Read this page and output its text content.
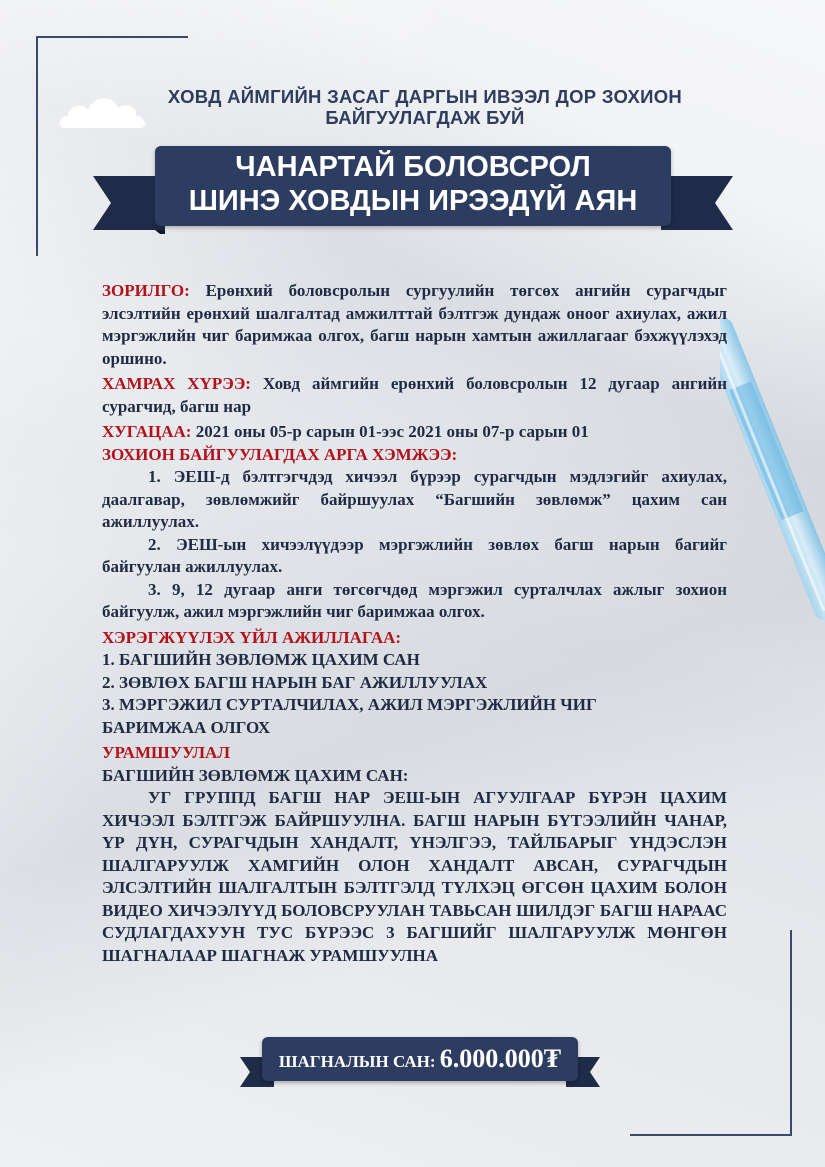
ХОВД АЙМГИЙН ЗАСАГ ДАРГЫН ИВЭЭЛ ДОР ЗОХИОН
БАЙГУУЛАГДАЖ БУЙ
ЧАНАРТАЙ БОЛОВСРОЛ
ШИНЭ ХОВДЫН ИРЭЭДҮЙ АЯН

ЗОРИЛГО: Ерөнхий боловсролын сургуулийн төгсөх ангийн сурагчдыг элсэлтийн ерөнхий шалгалтад амжилттай бэлтгэж дундаж оноог ахиулах, ажил мэргэжлийн чиг баримжаа олгох, багш нарын хамтын ажиллагааг бэхжүүлэхэд оршино.

ХАМРАХ ХҮРЭЭ: Ховд аймгийн ерөнхий боловсролын 12 дугаар ангийн сурагчид, багш нар

ХУГАЦАА: 2021 оны 05-р сарын 01-ээс 2021 оны 07-р сарын 01

ЗОХИОН БАЙГУУЛАГДАХ АРГА ХЭМЖЭЭ:

1. ЭЕШ-д бэлтгэгчдэд хичээл бүрээр сурагчдын мэдлэгийг ахиулах, даалгавар, зөвлөмжийг байршуулах “Багшийн зөвлөмж” цахим сан ажиллуулах.

2. ЭЕШ-ын хичээлүүдээр мэргэжлийн зөвлөх багш нарын багийг байгуулан ажиллуулах.

3. 9, 12 дугаар анги төгсөгчдөд мэргэжил сурталчлах ажлыг зохион байгуулж, ажил мэргэжлийн чиг баримжаа олгох.

ХЭРЭГЖҮҮЛЭХ ҮЙЛ АЖИЛЛАГАА:

1. БАГШИЙН ЗӨВЛӨМЖ ЦАХИМ САН

2. ЗӨВЛӨХ БАГШ НАРЫН БАГ АЖИЛЛУУЛАХ

3. МЭРГЭЖИЛ СУРТАЛЧИЛАХ, АЖИЛ МЭРГЭЖЛИЙН ЧИГ

БАРИМЖАА ОЛГОХ

УРАМШУУЛАЛ

БАГШИЙН ЗӨВЛӨМЖ ЦАХИМ САН:

УГ ГРУППД БАГШ НАР ЭЕШ-ЫН АГУУЛГААР БҮРЭН ЦАХИМ ХИЧЭЭЛ БЭЛТГЭЖ БАЙРШУУЛНА. БАГШ НАРЫН БҮТЭЭЛИЙН ЧАНАР, ҮР ДҮН, СУРАГЧДЫН ХАНДАЛТ, ҮНЭЛГЭЭ, ТАЙЛБАРЫГ ҮНДЭСЛЭН ШАЛГАРУУЛЖ ХАМГИЙН ОЛОН ХАНДАЛТ АВСАН, СУРАГЧДЫН ЭЛСЭЛТИЙН ШАЛГАЛТЫН БЭЛТГЭЛД ТҮЛХЭЦ ӨГСӨН ЦАХИМ БОЛОН ВИДЕО ХИЧЭЭЛҮҮД БОЛОВСРУУЛАН ТАВЬСАН ШИЛДЭГ БАГШ НАРААС СУДЛАГДАХУУН ТУС БҮРЭЭС 3 БАГШИЙГ ШАЛГАРУУЛЖ МӨНГӨН ШАГНАЛААР ШАГНАЖ УРАМШУУЛНА

ШАГНАЛЫН САН: 6.000.000₮
